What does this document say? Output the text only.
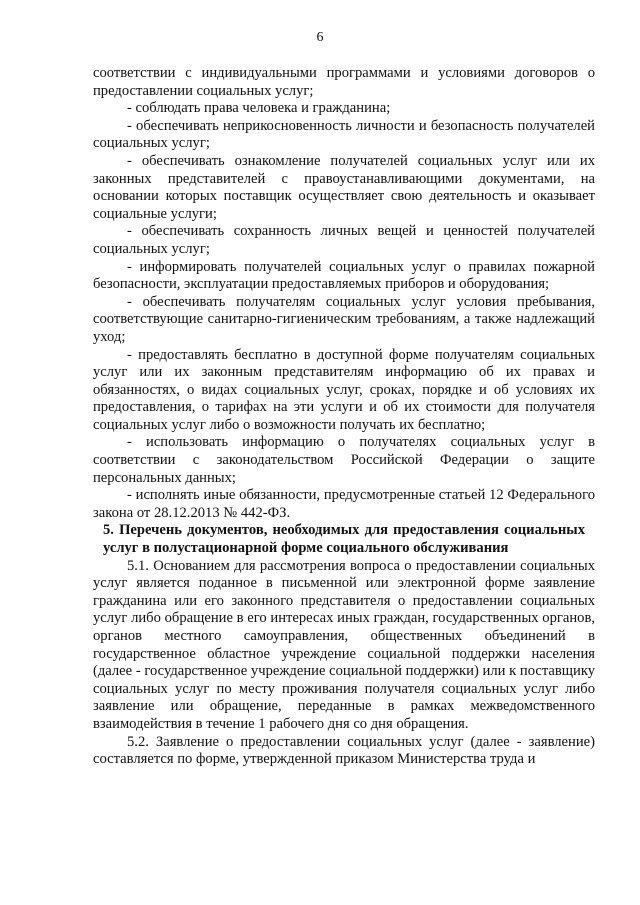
6

соответствии с индивидуальными программами и условиями договоров о предоставлении социальных услуг;

- соблюдать права человека и гражданина;

- обеспечивать неприкосновенность личности и безопасность получателей социальных услуг;

- обеспечивать ознакомление получателей социальных услуг или их законных представителей с правоустанавливающими документами, на основании которых поставщик осуществляет свою деятельность и оказывает социальные услуги;

- обеспечивать сохранность личных вещей и ценностей получателей социальных услуг;

- информировать получателей социальных услуг о правилах пожарной безопасности, эксплуатации предоставляемых приборов и оборудования;

- обеспечивать получателям социальных услуг условия пребывания, соответствующие санитарно-гигиеническим требованиям, а также надлежащий уход;

- предоставлять бесплатно в доступной форме получателям социальных услуг или их законным представителям информацию об их правах и обязанностях, о видах социальных услуг, сроках, порядке и об условиях их предоставления, о тарифах на эти услуги и об их стоимости для получателя социальных услуг либо о возможности получать их бесплатно;

- использовать информацию о получателях социальных услуг в соответствии с законодательством Российской Федерации о защите персональных данных;

- исполнять иные обязанности, предусмотренные статьей 12 Федерального закона от 28.12.2013 № 442-ФЗ.

5. Перечень документов, необходимых для предоставления социальных услуг в полустационарной форме социального обслуживания

5.1. Основанием для рассмотрения вопроса о предоставлении социальных услуг является поданное в письменной или электронной форме заявление гражданина или его законного представителя о предоставлении социальных услуг либо обращение в его интересах иных граждан, государственных органов, органов местного самоуправления, общественных объединений в государственное областное учреждение социальной поддержки населения (далее - государственное учреждение социальной поддержки) или к поставщику социальных услуг по месту проживания получателя социальных услуг либо заявление или обращение, переданные в рамках межведомственного взаимодействия в течение 1 рабочего дня со дня обращения.

5.2. Заявление о предоставлении социальных услуг (далее - заявление) составляется по форме, утвержденной приказом Министерства труда и
